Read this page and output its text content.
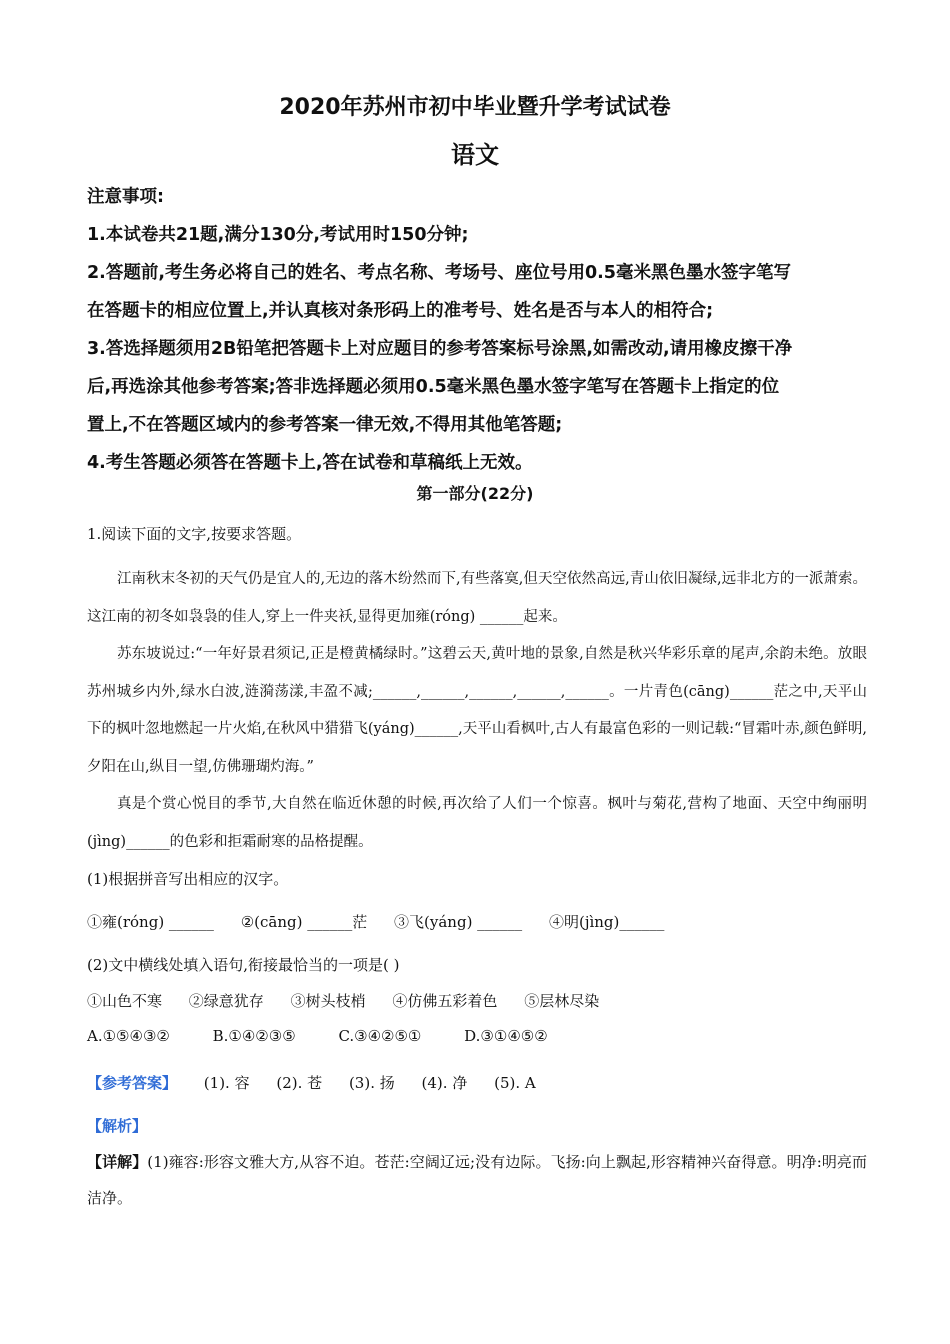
2020年苏州市初中毕业暨升学考试试卷
语文
注意事项:
1.本试卷共21题,满分130分,考试用时150分钟;
2.答题前,考生务必将自己的姓名、考点名称、考场号、座位号用0.5毫米黑色墨水签字笔写
在答题卡的相应位置上,并认真核对条形码上的准考号、姓名是否与本人的相符合;
3.答选择题须用2B铅笔把答题卡上对应题目的参考答案标号涂黑,如需改动,请用橡皮擦干净
后,再选涂其他参考答案;答非选择题必须用0.5毫米黑色墨水签字笔写在答题卡上指定的位
置上,不在答题区域内的参考答案一律无效,不得用其他笔答题;
4.考生答题必须答在答题卡上,答在试卷和草稿纸上无效。
第一部分(22分)
1.阅读下面的文字,按要求答题。
江南秋末冬初的天气仍是宜人的,无边的落木纷然而下,有些落寞,但天空依然高远,青山依旧凝绿,远非北方的一派萧索。这江南的初冬如袅袅的佳人,穿上一件夹袄,显得更加雍(róng) ______起来。
苏东坡说过:“一年好景君须记,正是橙黄橘绿时。”这碧云天,黄叶地的景象,自然是秋兴华彩乐章的尾声,余韵未绝。放眼苏州城乡内外,绿水白波,涟漪荡漾,丰盈不减;______,______,______,______,______。一片青色(cāng)______茫之中,天平山下的枫叶忽地燃起一片火焰,在秋风中猎猎飞(yáng)______,天平山看枫叶,古人有最富色彩的一则记载:“冒霜叶赤,颜色鲜明,夕阳在山,纵目一望,仿佛珊瑚灼海。”
真是个赏心悦目的季节,大自然在临近休憩的时候,再次给了人们一个惊喜。枫叶与菊花,营构了地面、天空中绚丽明(jìng)______的色彩和拒霜耐寒的品格提醒。
(1)根据拼音写出相应的汉字。
①雍(róng) ______ ②(cāng) ______茫 ③飞(yáng) ______ ④明(jìng)______
(2)文中横线处填入语句,衔接最恰当的一项是( )
①山色不寒 ②绿意犹存 ③树头枝梢 ④仿佛五彩着色 ⑤层林尽染
A.①⑤④③②	B.①④②③⑤	C.③④②⑤①	D.③①④⑤②
【参考答案】 (1). 容 (2). 苍 (3). 扬 (4). 净 (5). A
【解析】
【详解】(1)雍容:形容文雅大方,从容不迫。苍茫:空阔辽远;没有边际。飞扬:向上飘起,形容精神兴奋得意。明净:明亮而洁净。
